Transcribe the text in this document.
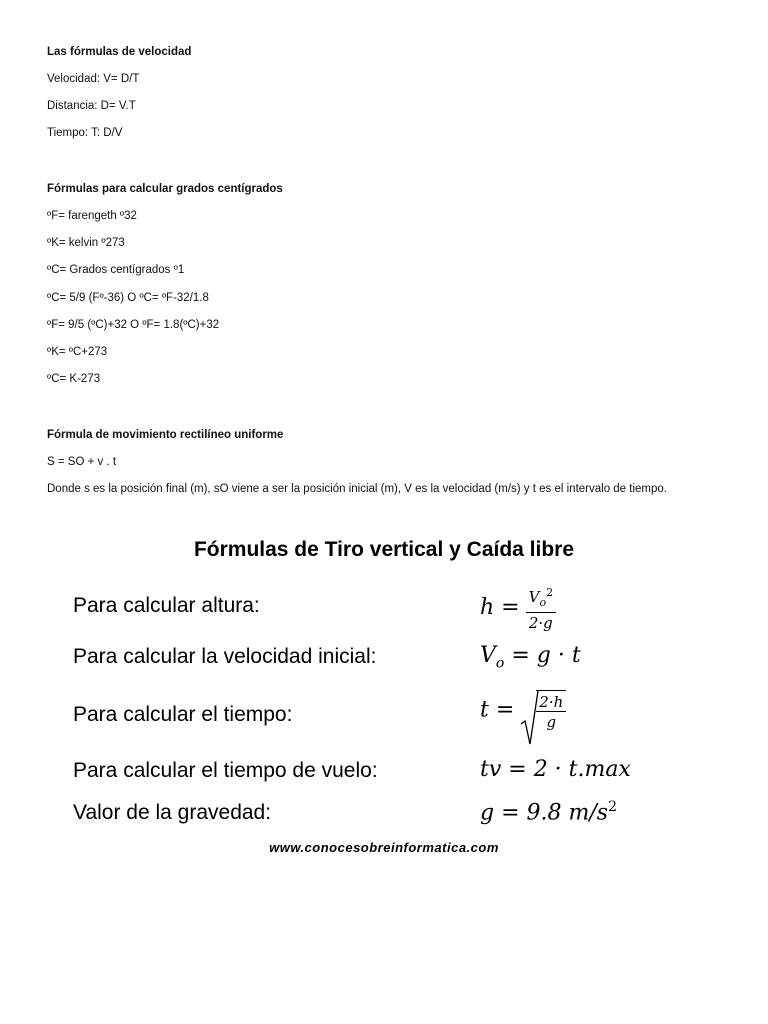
Las fórmulas de velocidad
Velocidad: V= D/T
Distancia: D= V.T
Tiempo: T: D/V
Fórmulas para calcular grados centígrados
ºF= farengeth º32
ºK= kelvin º273
ºC= Grados centígrados º1
ºC= 5/9 (Fº-36) O ºC= ºF-32/1.8
ºF= 9/5 (ºC)+32 O ºF= 1.8(ºC)+32
ºK= ºC+273
ºC= K-273
Fórmula de movimiento rectilíneo uniforme
S = SO + v . t
Donde s es la posición final (m), sO viene a ser la posición inicial (m), V es la velocidad (m/s) y t es el intervalo de tiempo.
Fórmulas de Tiro vertical y Caída libre
Para calcular altura:
Para calcular la velocidad inicial:
Para calcular el tiempo:
Para calcular el tiempo de vuelo:
Valor de la gravedad:
$h = \frac{V_o^2}{2\cdot g}$
$V_o = g \cdot t$
$t = \frac{2\cdot h}{g}$
tv = 2 · t.max
g = 9.8 $m/s^2$
www.conocesobreinformatica.com
